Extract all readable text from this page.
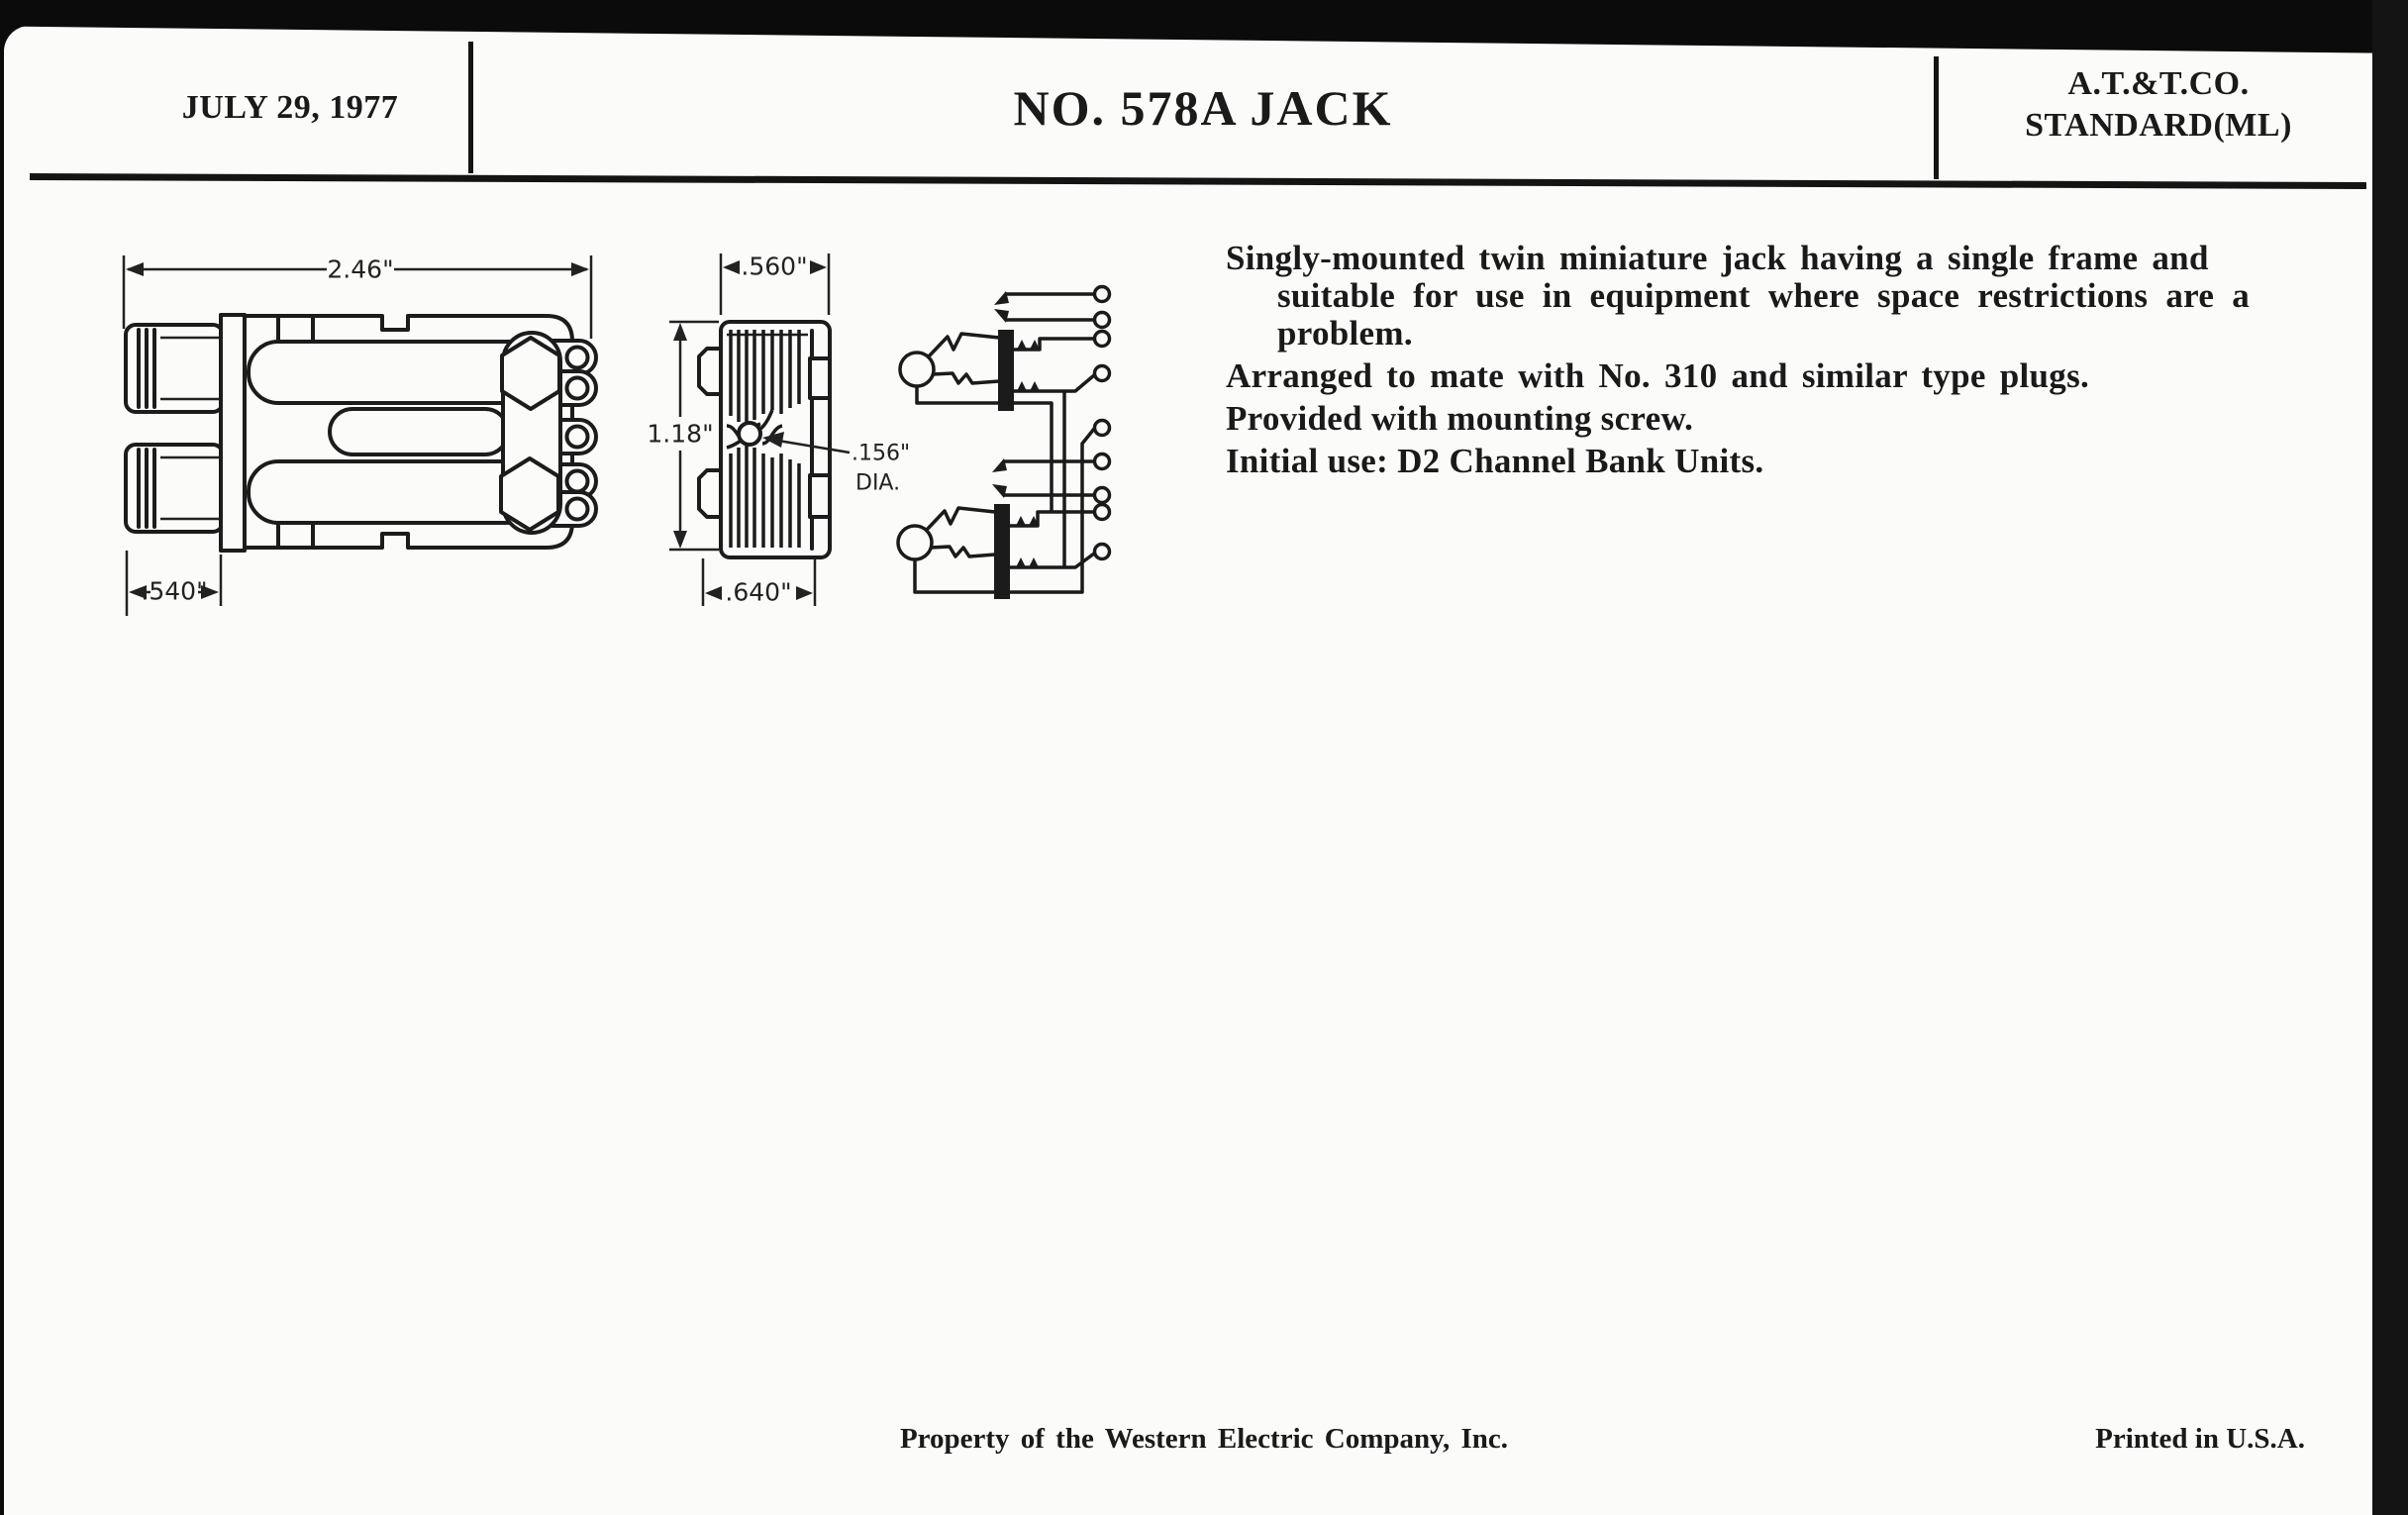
JULY 29, 1977	NO. 578A JACK	A.T.&T.CO.
STANDARD(ML)
Singly-mounted twin miniature jack having a single frame and
suitable for use in equipment where space restrictions are a
problem.
Arranged to mate with No. 310 and similar type plugs.
Provided with mounting screw.
Initial use: D2 Channel Bank Units.
2.46"
.540"
.560"
1.18"
.156"
DIA.
.640"
Property of the Western Electric Company, Inc.	Printed in U.S.A.
